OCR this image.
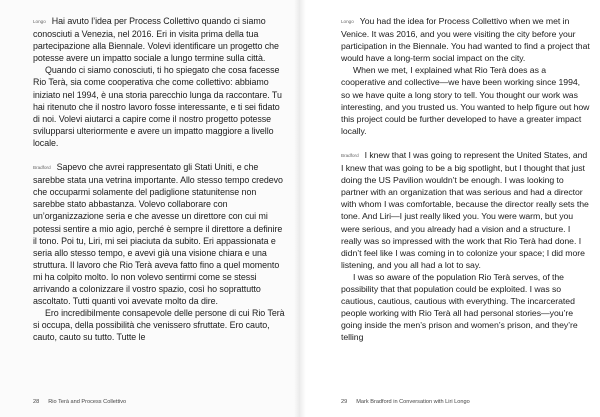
Longo Hai avuto l’idea per Process Collettivo quando ci siamo conosciuti a Venezia, nel 2016. Eri in visita prima della tua partecipazione alla Biennale. Volevi identificare un progetto che potesse avere un impatto sociale a lungo termine sulla città.

Quando ci siamo conosciuti, ti ho spiegato che cosa facesse Rio Terà, sia come cooperativa che come collettivo: abbiamo iniziato nel 1994, è una storia parecchio lunga da raccontare. Tu hai ritenuto che il nostro lavoro fosse interessante, e ti sei fidato di noi. Volevi aiutarci a capire come il nostro progetto potesse svilupparsi ulteriormente e avere un impatto maggiore a livello locale.

Bradford Sapevo che avrei rappresentato gli Stati Uniti, e che sarebbe stata una vetrina importante. Allo stesso tempo credevo che occuparmi solamente del padiglione statunitense non sarebbe stato abbastanza. Volevo collaborare con un’organizzazione seria e che avesse un direttore con cui mi potessi sentire a mio agio, perché è sempre il direttore a definire il tono. Poi tu, Liri, mi sei piaciuta da subito. Eri appassionata e seria allo stesso tempo, e avevi già una visione chiara e una struttura. Il lavoro che Rio Terà aveva fatto fino a quel momento mi ha colpito molto. Io non volevo sentirmi come se stessi arrivando a colonizzare il vostro spazio, così ho soprattutto ascoltato. Tutti quanti voi avevate molto da dire.

Ero incredibilmente consapevole delle persone di cui Rio Terà si occupa, della possibilità che venissero sfruttate. Ero cauto, cauto, cauto su tutto. Tutte le

28 Rio Terà and Process Collettivo

Longo You had the idea for Process Collettivo when we met in Venice. It was 2016, and you were visiting the city before your participation in the Biennale. You had wanted to find a project that would have a long-term social impact on the city.

When we met, I explained what Rio Terà does as a cooperative and collective—we have been working since 1994, so we have quite a long story to tell. You thought our work was interesting, and you trusted us. You wanted to help figure out how this project could be further developed to have a greater impact locally.

Bradford I knew that I was going to represent the United States, and I knew that was going to be a big spotlight, but I thought that just doing the US Pavilion wouldn’t be enough. I was looking to partner with an organization that was serious and had a director with whom I was comfortable, because the director really sets the tone. And Liri—I just really liked you. You were warm, but you were serious, and you already had a vision and a structure. I really was so impressed with the work that Rio Terà had done. I didn’t feel like I was coming in to colonize your space; I did more listening, and you all had a lot to say.

I was so aware of the population Rio Terà serves, of the possibility that that population could be exploited. I was so cautious, cautious, cautious with everything. The incarcerated people working with Rio Terà all had personal stories—you’re going inside the men’s prison and women’s prison, and they’re telling

29 Mark Bradford in Conversation with Liri Longo
